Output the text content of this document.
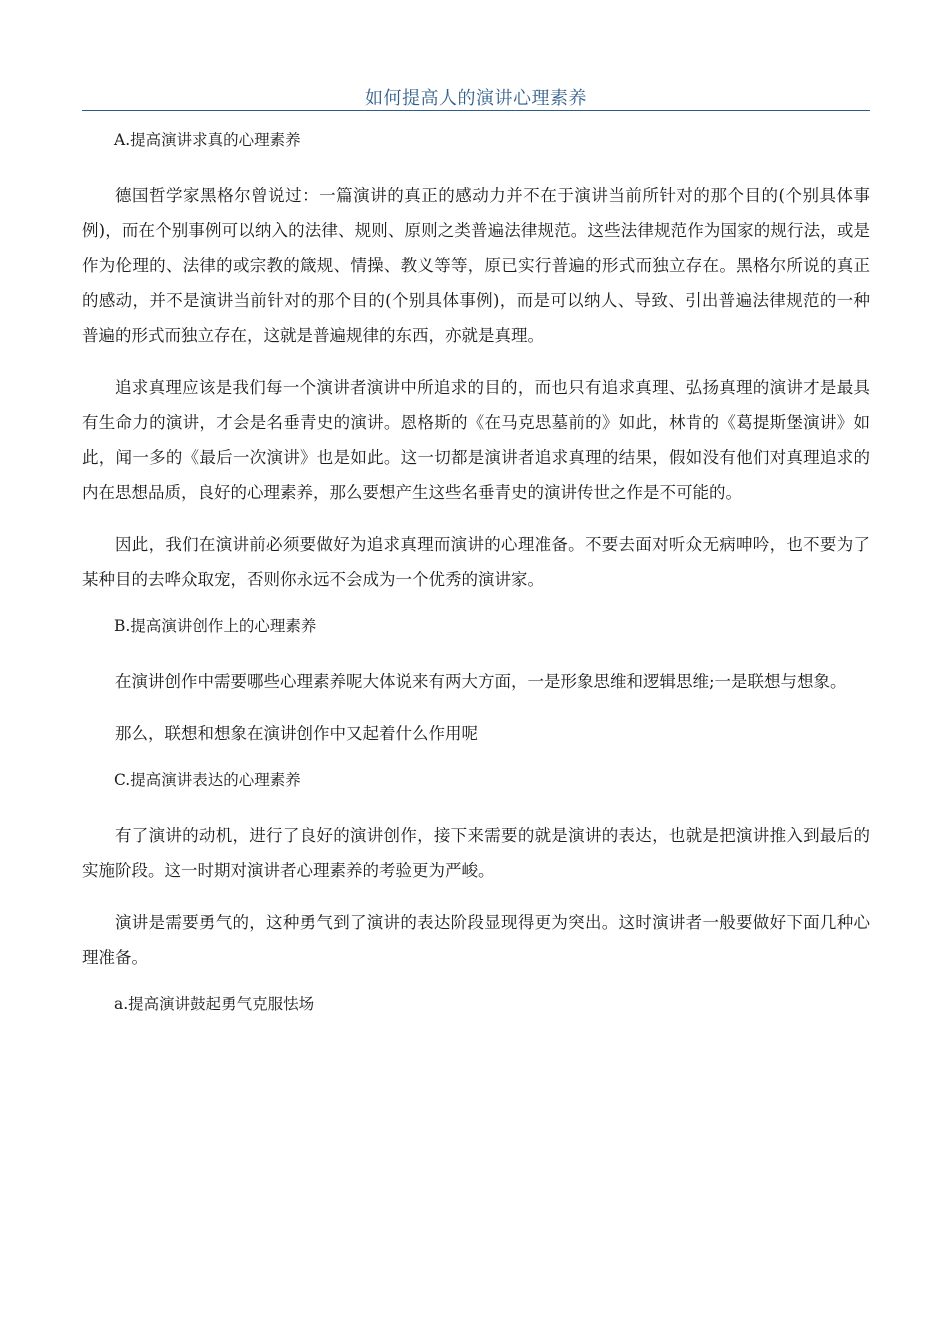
如何提高人的演讲心理素养
A.提高演讲求真的心理素养

德国哲学家黑格尔曾说过：一篇演讲的真正的感动力并不在于演讲当前所针对的那个目的(个别具体事例)，而在个别事例可以纳入的法律、规则、原则之类普遍法律规范。这些法律规范作为国家的规行法，或是作为伦理的、法律的或宗教的箴规、情操、教义等等，原已实行普遍的形式而独立存在。黑格尔所说的真正的感动，并不是演讲当前针对的那个目的(个别具体事例)，而是可以纳人、导致、引出普遍法律规范的一种普遍的形式而独立存在，这就是普遍规律的东西，亦就是真理。

追求真理应该是我们每一个演讲者演讲中所追求的目的，而也只有追求真理、弘扬真理的演讲才是最具有生命力的演讲，才会是名垂青史的演讲。恩格斯的《在马克思墓前的》如此，林肯的《葛提斯堡演讲》如此，闻一多的《最后一次演讲》也是如此。这一切都是演讲者追求真理的结果，假如没有他们对真理追求的内在思想品质，良好的心理素养，那么要想产生这些名垂青史的演讲传世之作是不可能的。

因此，我们在演讲前必须要做好为追求真理而演讲的心理准备。不要去面对听众无病呻吟，也不要为了某种目的去哗众取宠，否则你永远不会成为一个优秀的演讲家。

B.提高演讲创作上的心理素养

在演讲创作中需要哪些心理素养呢大体说来有两大方面，一是形象思维和逻辑思维;一是联想与想象。

那么，联想和想象在演讲创作中又起着什么作用呢

C.提高演讲表达的心理素养

有了演讲的动机，进行了良好的演讲创作，接下来需要的就是演讲的表达，也就是把演讲推入到最后的实施阶段。这一时期对演讲者心理素养的考验更为严峻。

演讲是需要勇气的，这种勇气到了演讲的表达阶段显现得更为突出。这时演讲者一般要做好下面几种心理准备。

a.提高演讲鼓起勇气克服怯场
